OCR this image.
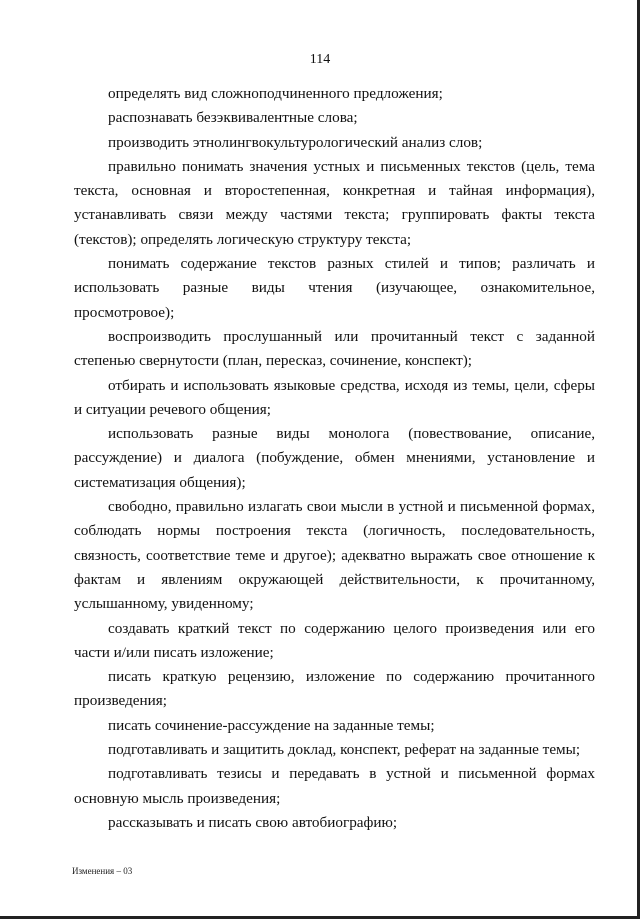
114

определять вид сложноподчиненного предложения;

распознавать безэквивалентные слова;

производить этнолингвокультурологический анализ слов;

правильно понимать значения устных и письменных текстов (цель, тема текста, основная и второстепенная, конкретная и тайная информация), устанавливать связи между частями текста; группировать факты текста (текстов); определять логическую структуру текста;

понимать содержание текстов разных стилей и типов; различать и использовать разные виды чтения (изучающее, ознакомительное, просмотровое);

воспроизводить прослушанный или прочитанный текст с заданной степенью свернутости (план, пересказ, сочинение, конспект);

отбирать и использовать языковые средства, исходя из темы, цели, сферы и ситуации речевого общения;

использовать разные виды монолога (повествование, описание, рассуждение) и диалога (побуждение, обмен мнениями, установление и систематизация общения);

свободно, правильно излагать свои мысли в устной и письменной формах, соблюдать нормы построения текста (логичность, последовательность, связность, соответствие теме и другое); адекватно выражать свое отношение к фактам и явлениям окружающей действительности, к прочитанному, услышанному, увиденному;

создавать краткий текст по содержанию целого произведения или его части и/или писать изложение;

писать краткую рецензию, изложение по содержанию прочитанного произведения;

писать сочинение-рассуждение на заданные темы;

подготавливать и защитить доклад, конспект, реферат на заданные темы;

подготавливать тезисы и передавать в устной и письменной формах основную мысль произведения;

рассказывать и писать свою автобиографию;

Изменения – 03
